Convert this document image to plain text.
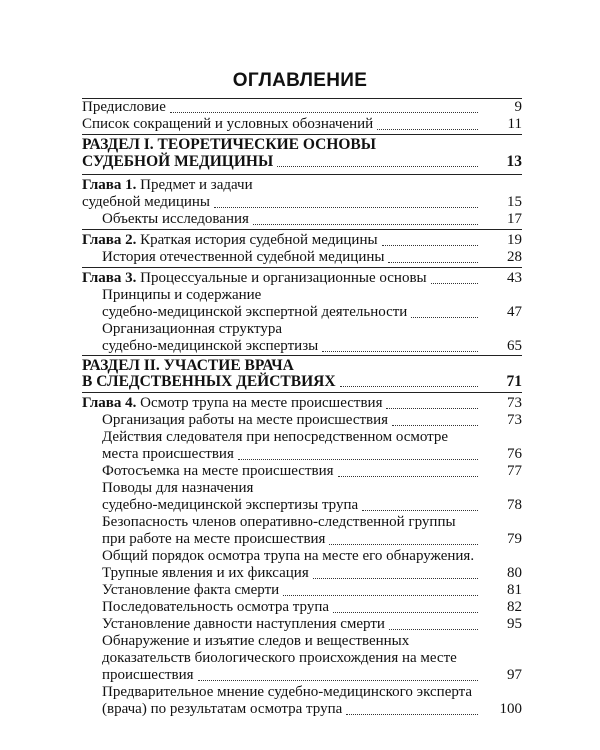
ОГЛАВЛЕНИЕ
Предисловие	9
Список сокращений и условных обозначений	11
РАЗДЕЛ I. ТЕОРЕТИЧЕСКИЕ ОСНОВЫ
СУДЕБНОЙ МЕДИЦИНЫ	13
Глава 1. Предмет и задачи
судебной медицины	15
Объекты исследования	17
Глава 2. Краткая история судебной медицины	19
История отечественной судебной медицины	28
Глава 3. Процессуальные и организационные основы	43
Принципы и содержание
судебно-медицинской экспертной деятельности	47
Организационная структура
судебно-медицинской экспертизы	65
РАЗДЕЛ II. УЧАСТИЕ ВРАЧА
В СЛЕДСТВЕННЫХ ДЕЙСТВИЯХ	71
Глава 4. Осмотр трупа на месте происшествия	73
Организация работы на месте происшествия	73
Действия следователя при непосредственном осмотре
места происшествия	76
Фотосъемка на месте происшествия	77
Поводы для назначения
судебно-медицинской экспертизы трупа	78
Безопасность членов оперативно-следственной группы
при работе на месте происшествия	79
Общий порядок осмотра трупа на месте его обнаружения.
Трупные явления и их фиксация	80
Установление факта смерти	81
Последовательность осмотра трупа	82
Установление давности наступления смерти	95
Обнаружение и изъятие следов и вещественных
доказательств биологического происхождения на месте
происшествия	97
Предварительное мнение судебно-медицинского эксперта
(врача) по результатам осмотра трупа	100
